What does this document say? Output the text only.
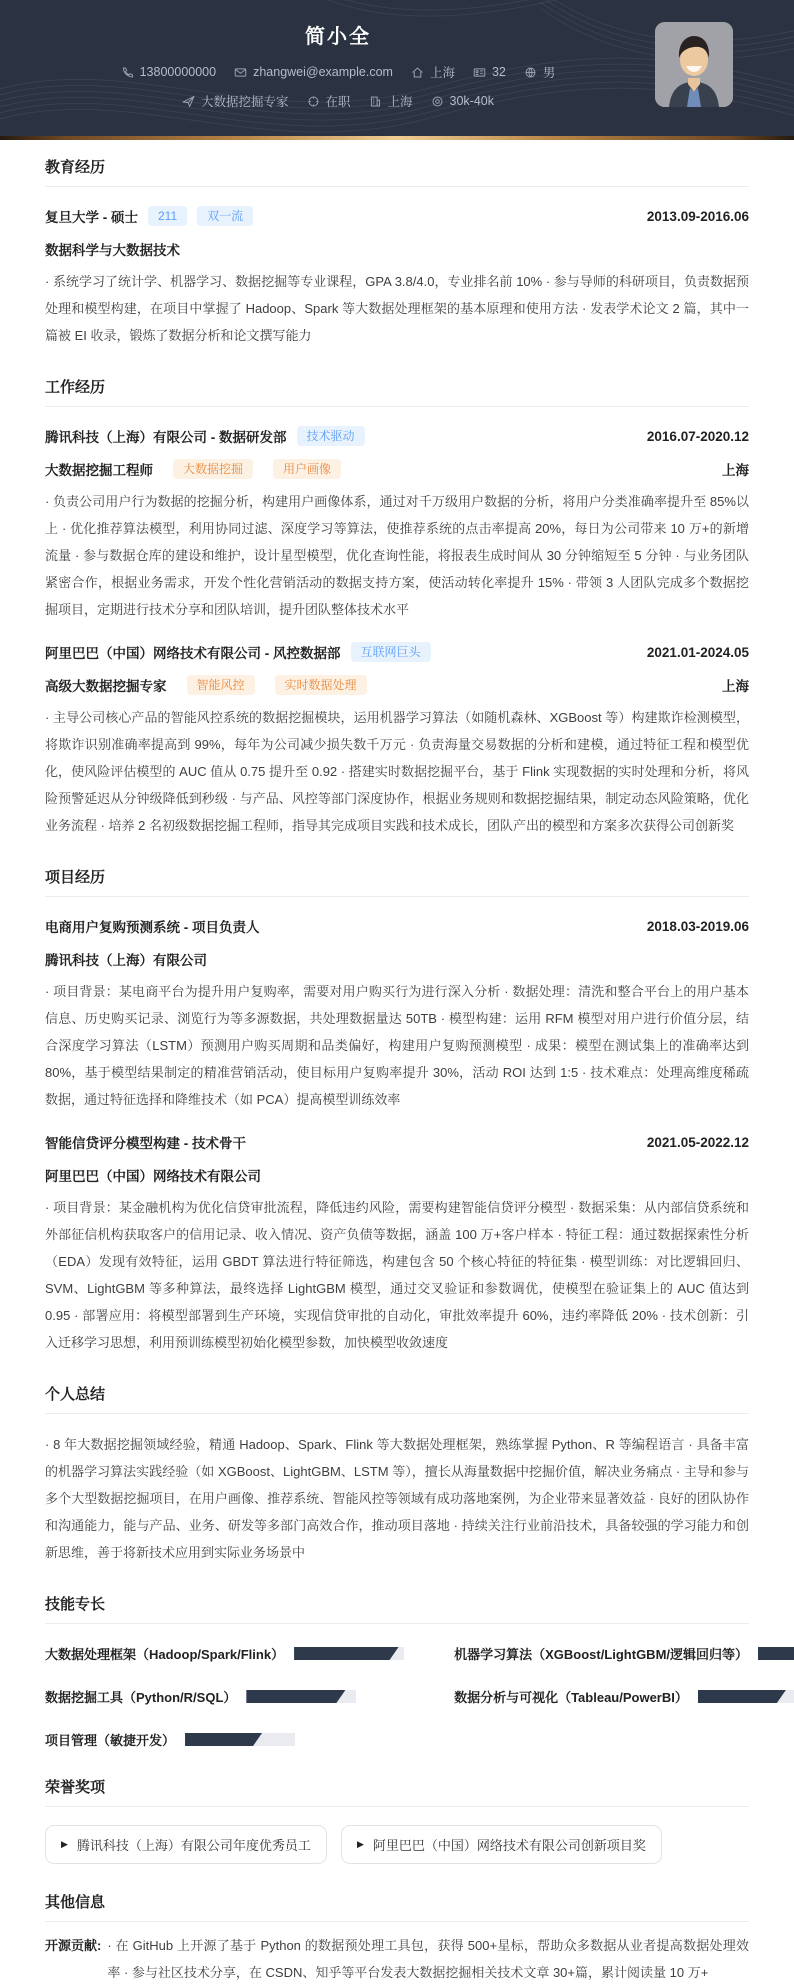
简小全
13800000000	zhangwei@example.com	上海	32	男
大数据挖掘专家	在职	上海	30k-40k
教育经历
复旦大学 - 硕士	211	双一流	2013.09-2016.06
数据科学与大数据技术

· 系统学习了统计学、机器学习、数据挖掘等专业课程，GPA 3.8/4.0，专业排名前 10% · 参与导师的科研项目，负责数据预处理和模型构建，在项目中掌握了 Hadoop、Spark 等大数据处理框架的基本原理和使用方法 · 发表学术论文 2 篇，其中一篇被 EI 收录，锻炼了数据分析和论文撰写能力

工作经历
腾讯科技（上海）有限公司 - 数据研发部	技术驱动	2016.07-2020.12
大数据挖掘工程师	大数据挖掘	用户画像	上海

· 负责公司用户行为数据的挖掘分析，构建用户画像体系，通过对千万级用户数据的分析，将用户分类准确率提升至 85%以上 · 优化推荐算法模型，利用协同过滤、深度学习等算法，使推荐系统的点击率提高 20%，每日为公司带来 10 万+的新增流量 · 参与数据仓库的建设和维护，设计星型模型，优化查询性能，将报表生成时间从 30 分钟缩短至 5 分钟 · 与业务团队紧密合作，根据业务需求，开发个性化营销活动的数据支持方案，使活动转化率提升 15% · 带领 3 人团队完成多个数据挖掘项目，定期进行技术分享和团队培训，提升团队整体技术水平

阿里巴巴（中国）网络技术有限公司 - 风控数据部	互联网巨头	2021.01-2024.05
高级大数据挖掘专家	智能风控	实时数据处理	上海

· 主导公司核心产品的智能风控系统的数据挖掘模块，运用机器学习算法（如随机森林、XGBoost 等）构建欺诈检测模型，将欺诈识别准确率提高到 99%，每年为公司减少损失数千万元 · 负责海量交易数据的分析和建模，通过特征工程和模型优化，使风险评估模型的 AUC 值从 0.75 提升至 0.92 · 搭建实时数据挖掘平台，基于 Flink 实现数据的实时处理和分析，将风险预警延迟从分钟级降低到秒级 · 与产品、风控等部门深度协作，根据业务规则和数据挖掘结果，制定动态风险策略，优化业务流程 · 培养 2 名初级数据挖掘工程师，指导其完成项目实践和技术成长，团队产出的模型和方案多次获得公司创新奖

项目经历
电商用户复购预测系统 - 项目负责人	2018.03-2019.06
腾讯科技（上海）有限公司

· 项目背景：某电商平台为提升用户复购率，需要对用户购买行为进行深入分析 · 数据处理：清洗和整合平台上的用户基本信息、历史购买记录、浏览行为等多源数据，共处理数据量达 50TB · 模型构建：运用 RFM 模型对用户进行价值分层，结合深度学习算法（LSTM）预测用户购买周期和品类偏好，构建用户复购预测模型 · 成果：模型在测试集上的准确率达到 80%，基于模型结果制定的精准营销活动，使目标用户复购率提升 30%，活动 ROI 达到 1:5 · 技术难点：处理高维度稀疏数据，通过特征选择和降维技术（如 PCA）提高模型训练效率

智能信贷评分模型构建 - 技术骨干	2021.05-2022.12
阿里巴巴（中国）网络技术有限公司

· 项目背景：某金融机构为优化信贷审批流程，降低违约风险，需要构建智能信贷评分模型 · 数据采集：从内部信贷系统和外部征信机构获取客户的信用记录、收入情况、资产负债等数据，涵盖 100 万+客户样本 · 特征工程：通过数据探索性分析（EDA）发现有效特征，运用 GBDT 算法进行特征筛选，构建包含 50 个核心特征的特征集 · 模型训练：对比逻辑回归、SVM、LightGBM 等多种算法，最终选择 LightGBM 模型，通过交叉验证和参数调优，使模型在验证集上的 AUC 值达到 0.95 · 部署应用：将模型部署到生产环境，实现信贷审批的自动化，审批效率提升 60%，违约率降低 20% · 技术创新：引入迁移学习思想，利用预训练模型初始化模型参数，加快模型收敛速度

个人总结

· 8 年大数据挖掘领域经验，精通 Hadoop、Spark、Flink 等大数据处理框架，熟练掌握 Python、R 等编程语言 · 具备丰富的机器学习算法实践经验（如 XGBoost、LightGBM、LSTM 等），擅长从海量数据中挖掘价值，解决业务痛点 · 主导和参与多个大型数据挖掘项目，在用户画像、推荐系统、智能风控等领域有成功落地案例，为企业带来显著效益 · 良好的团队协作和沟通能力，能与产品、业务、研发等多部门高效合作，推动项目落地 · 持续关注行业前沿技术，具备较强的学习能力和创新思维，善于将新技术应用到实际业务场景中

技能专长
大数据处理框架（Hadoop/Spark/Flink）	机器学习算法（XGBoost/LightGBM/逻辑回归等）
数据挖掘工具（Python/R/SQL）	数据分析与可视化（Tableau/PowerBI）
项目管理（敏捷开发）
荣誉奖项
▶ 腾讯科技（上海）有限公司年度优秀员工	▶ 阿里巴巴（中国）网络技术有限公司创新项目奖
其他信息
开源贡献: · 在 GitHub 上开源了基于 Python 的数据预处理工具包，获得 500+星标，帮助众多数据从业者提高数据处理效率 · 参与社区技术分享，在 CSDN、知乎等平台发表大数据挖掘相关技术文章 30+篇，累计阅读量 10 万+
